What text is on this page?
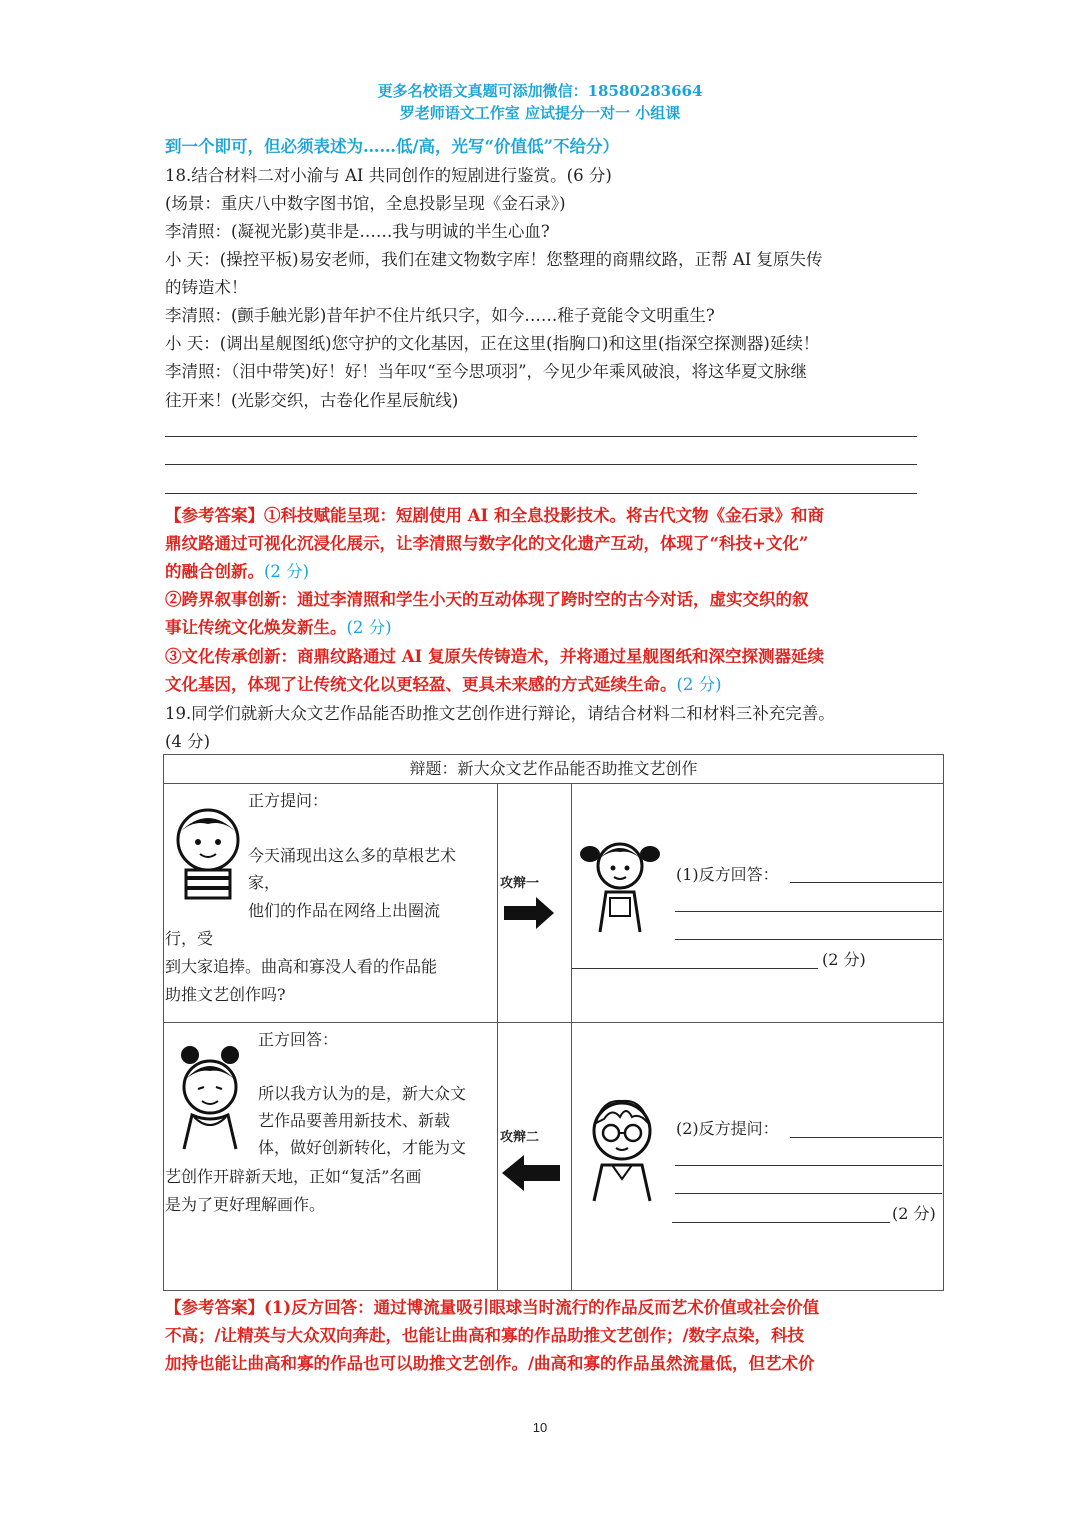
更多名校语文真题可添加微信：18580283664
罗老师语文工作室 应试提分一对一 小组课
到一个即可，但必须表述为……低/高，光写“价值低”不给分）
18.结合材料二对小渝与 AI 共同创作的短剧进行鉴赏。(6 分)
(场景：重庆八中数字图书馆，全息投影呈现《金石录》)
李清照：(凝视光影)莫非是……我与明诚的半生心血?
小 天：(操控平板)易安老师，我们在建文物数字库！您整理的商鼎纹路，正帮 AI 复原失传
的铸造术！
李清照：(颤手触光影)昔年护不住片纸只字，如今……稚子竟能令文明重生?
小 天：(调出星舰图纸)您守护的文化基因，正在这里(指胸口)和这里(指深空探测器)延续！
李清照：（泪中带笑)好！好！当年叹“至今思项羽”，今见少年乘风破浪，将这华夏文脉继
往开来！(光影交织，古卷化作星辰航线)
【参考答案】①科技赋能呈现：短剧使用 AI 和全息投影技术。将古代文物《金石录》和商
鼎纹路通过可视化沉浸化展示，让李清照与数字化的文化遗产互动，体现了“科技+文化”
的融合创新。(2 分)
②跨界叙事创新：通过李清照和学生小天的互动体现了跨时空的古今对话，虚实交织的叙
事让传统文化焕发新生。(2 分)
③文化传承创新：商鼎纹路通过 AI 复原失传铸造术，并将通过星舰图纸和深空探测器延续
文化基因，体现了让传统文化以更轻盈、更具未来感的方式延续生命。(2 分)
19.同学们就新大众文艺作品能否助推文艺创作进行辩论，请结合材料二和材料三补充完善。
(4 分)
辩题：新大众文艺作品能否助推文艺创作
正方提问：
今天涌现出这么多的草根艺术
家，
他们的作品在网络上出圈流
行，受
到大家追捧。曲高和寡没人看的作品能
助推文艺创作吗?
攻辩一	(1)反方回答：
(2 分)
正方回答：
所以我方认为的是，新大众文
艺作品要善用新技术、新载
体，做好创新转化，才能为文
艺创作开辟新天地，正如“复活”名画
是为了更好理解画作。
攻辩二	(2)反方提问：
(2 分)
【参考答案】(1)反方回答：通过博流量吸引眼球当时流行的作品反而艺术价值或社会价值
不高；/让精英与大众双向奔赴，也能让曲高和寡的作品助推文艺创作；/数字点染，科技
加持也能让曲高和寡的作品也可以助推文艺创作。/曲高和寡的作品虽然流量低，但艺术价
10
